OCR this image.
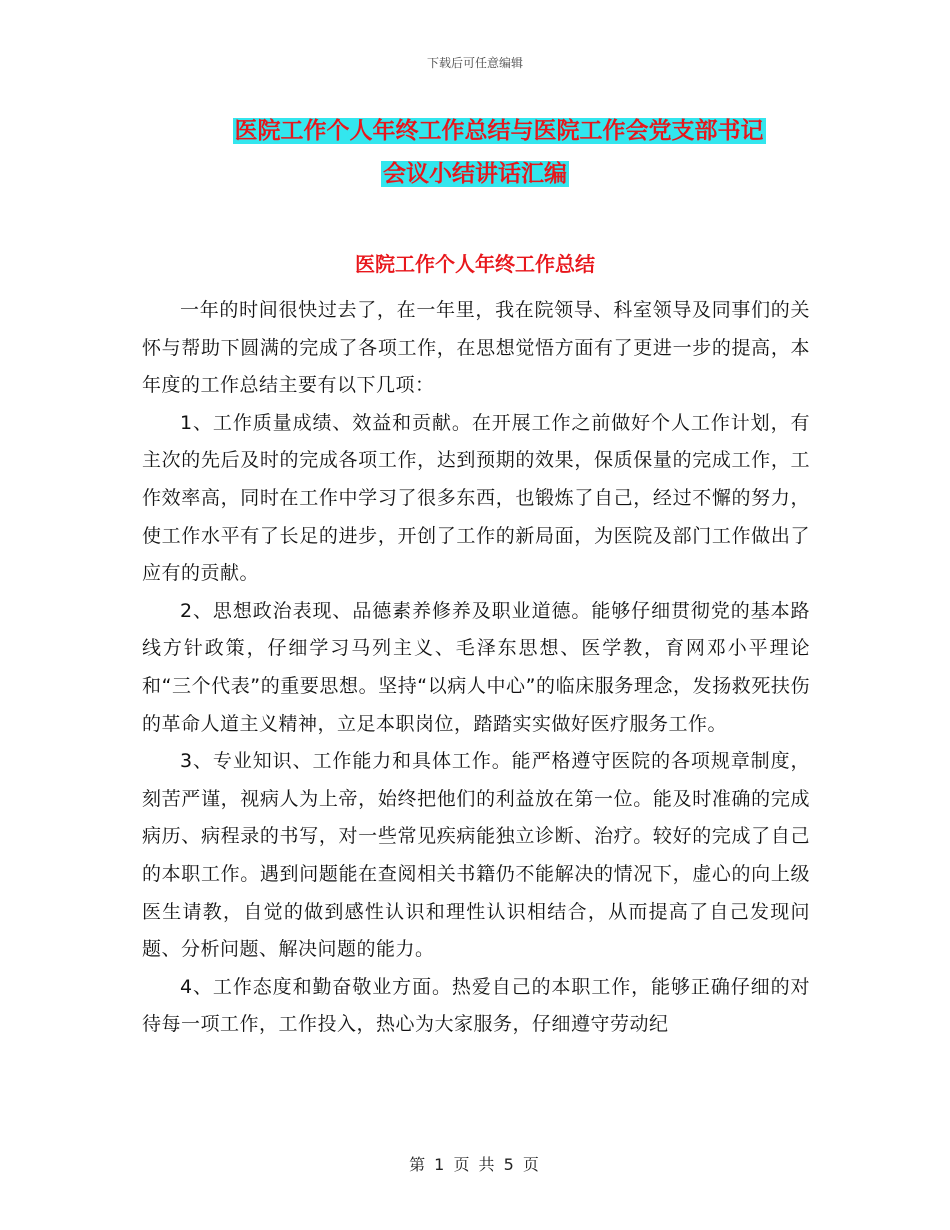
下载后可任意编辑
医院工作个人年终工作总结与医院工作会党支部书记
会议小结讲话汇编
医院工作个人年终工作总结

一年的时间很快过去了，在一年里，我在院领导、科室领导及同事们的关怀与帮助下圆满的完成了各项工作，在思想觉悟方面有了更进一步的提高，本年度的工作总结主要有以下几项：

1、工作质量成绩、效益和贡献。在开展工作之前做好个人工作计划，有主次的先后及时的完成各项工作，达到预期的效果，保质保量的完成工作，工作效率高，同时在工作中学习了很多东西，也锻炼了自己，经过不懈的努力，使工作水平有了长足的进步，开创了工作的新局面，为医院及部门工作做出了应有的贡献。

2、思想政治表现、品德素养修养及职业道德。能够仔细贯彻党的基本路线方针政策，仔细学习马列主义、毛泽东思想、医学教，育网邓小平理论和“三个代表”的重要思想。坚持“以病人中心”的临床服务理念，发扬救死扶伤的革命人道主义精神，立足本职岗位，踏踏实实做好医疗服务工作。

3、专业知识、工作能力和具体工作。能严格遵守医院的各项规章制度，刻苦严谨，视病人为上帝，始终把他们的利益放在第一位。能及时准确的完成病历、病程录的书写，对一些常见疾病能独立诊断、治疗。较好的完成了自己的本职工作。遇到问题能在查阅相关书籍仍不能解决的情况下，虚心的向上级医生请教，自觉的做到感性认识和理性认识相结合，从而提高了自己发现问题、分析问题、解决问题的能力。

4、工作态度和勤奋敬业方面。热爱自己的本职工作，能够正确仔细的对待每一项工作，工作投入，热心为大家服务，仔细遵守劳动纪

第 1 页 共 5 页
